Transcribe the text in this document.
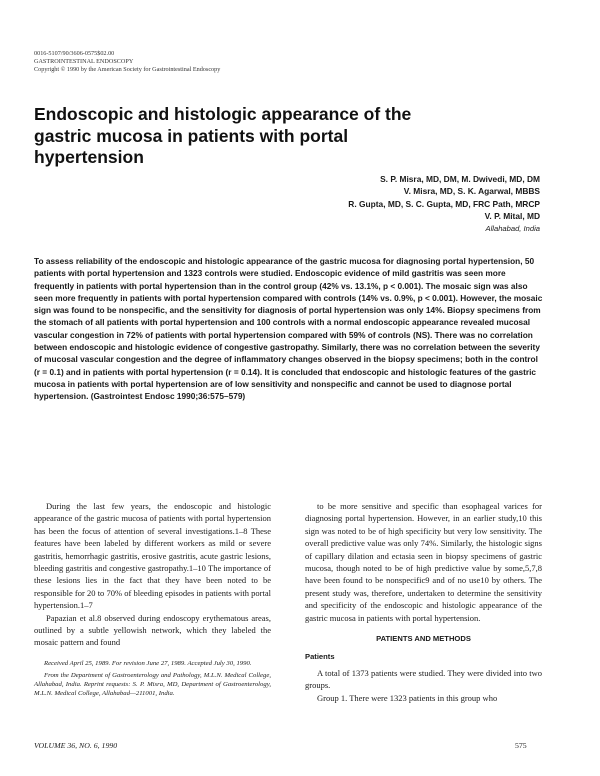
0016-5107/90/3606-0575$02.00
GASTROINTESTINAL ENDOSCOPY
Copyright © 1990 by the American Society for Gastrointestinal Endoscopy
Endoscopic and histologic appearance of the gastric mucosa in patients with portal hypertension
S. P. Misra, MD, DM, M. Dwivedi, MD, DM
V. Misra, MD, S. K. Agarwal, MBBS
R. Gupta, MD, S. C. Gupta, MD, FRC Path, MRCP
V. P. Mital, MD
Allahabad, India

To assess reliability of the endoscopic and histologic appearance of the gastric mucosa for diagnosing portal hypertension, 50 patients with portal hypertension and 1323 controls were studied. Endoscopic evidence of mild gastritis was seen more frequently in patients with portal hypertension than in the control group (42% vs. 13.1%, p < 0.001). The mosaic sign was also seen more frequently in patients with portal hypertension compared with controls (14% vs. 0.9%, p < 0.001). However, the mosaic sign was found to be nonspecific, and the sensitivity for diagnosis of portal hypertension was only 14%. Biopsy specimens from the stomach of all patients with portal hypertension and 100 controls with a normal endoscopic appearance revealed mucosal vascular congestion in 72% of patients with portal hypertension compared with 59% of controls (NS). There was no correlation between endoscopic and histologic evidence of congestive gastropathy. Similarly, there was no correlation between the severity of mucosal vascular congestion and the degree of inflammatory changes observed in the biopsy specimens; both in the control (r = 0.1) and in patients with portal hypertension (r = 0.14). It is concluded that endoscopic and histologic features of the gastric mucosa in patients with portal hypertension are of low sensitivity and nonspecific and cannot be used to diagnose portal hypertension. (Gastrointest Endosc 1990;36:575–579)

During the last few years, the endoscopic and histologic appearance of the gastric mucosa of patients with portal hypertension has been the focus of attention of several investigations.1–8 These features have been labeled by different workers as mild or severe gastritis, hemorrhagic gastritis, erosive gastritis, acute gastric lesions, bleeding gastritis and congestive gastropathy.1–10 The importance of these lesions lies in the fact that they have been noted to be responsible for 20 to 70% of bleeding episodes in patients with portal hypertension.1–7

Papazian et al.8 observed during endoscopy erythematous areas, outlined by a subtle yellowish network, which they labeled the mosaic pattern and found

Received April 25, 1989. For revision June 27, 1989. Accepted July 30, 1990.

From the Department of Gastroenterology and Pathology, M.L.N. Medical College, Allahabad, India. Reprint requests: S. P. Misra, MD, Department of Gastroenterology, M.L.N. Medical College, Allahabad—211001, India.

to be more sensitive and specific than esophageal varices for diagnosing portal hypertension. However, in an earlier study,10 this sign was noted to be of high specificity but very low sensitivity. The overall predictive value was only 74%. Similarly, the histologic signs of capillary dilation and ectasia seen in biopsy specimens of gastric mucosa, though noted to be of high predictive value by some,5,7,8 have been found to be nonspecific9 and of no use10 by others. The present study was, therefore, undertaken to determine the sensitivity and specificity of the endoscopic and histologic appearance of the gastric mucosa in patients with portal hypertension.

PATIENTS AND METHODS
Patients

A total of 1373 patients were studied. They were divided into two groups.

Group 1. There were 1323 patients in this group who

VOLUME 36, NO. 6, 1990	575
